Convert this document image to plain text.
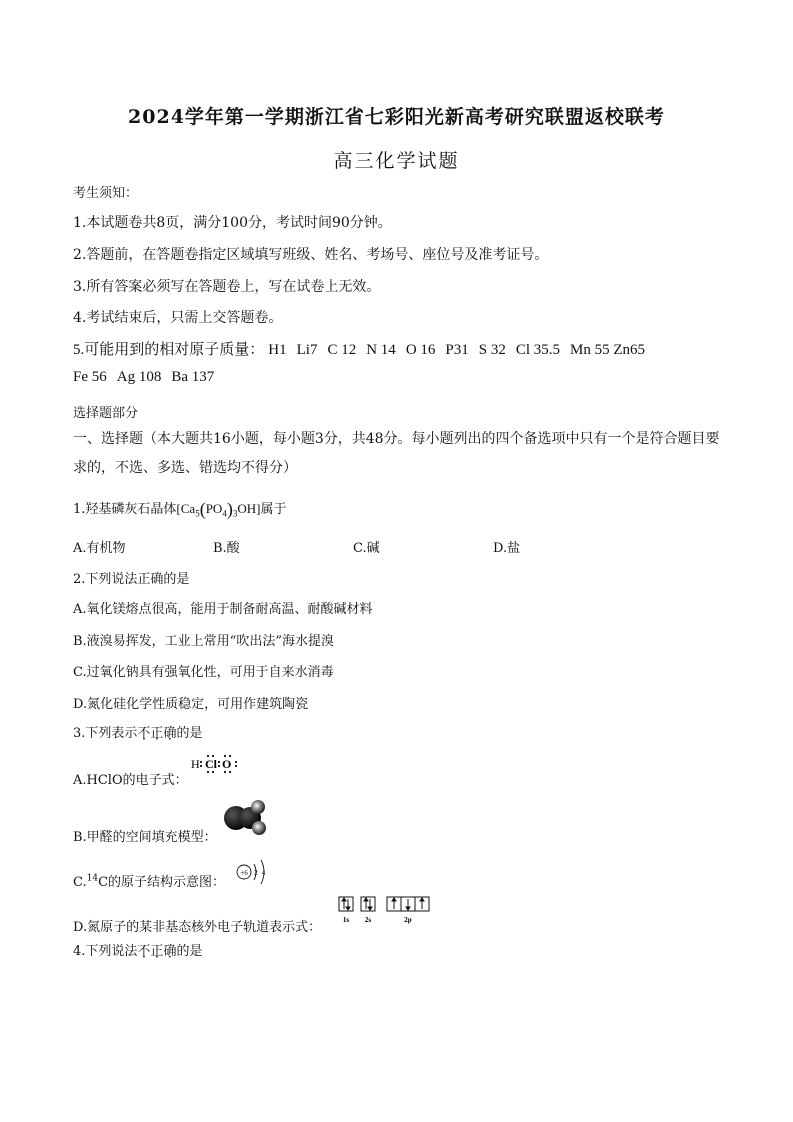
2024学年第一学期浙江省七彩阳光新高考研究联盟返校联考
高三化学试题
考生须知：
1.本试题卷共8页，满分100分，考试时间90分钟。
2.答题前，在答题卷指定区域填写班级、姓名、考场号、座位号及准考证号。
3.所有答案必须写在答题卷上，写在试卷上无效。
4.考试结束后，只需上交答题卷。
5.可能用到的相对原子质量： H1 Li7 C 12 N 14 O 16 P31 S 32 Cl 35.5 Mn 55 Zn65
Fe 56 Ag 108 Ba 137
选择题部分
一、选择题（本大题共16小题，每小题3分，共48分。每小题列出的四个备选项中只有一个是符合题目要求的，不选、多选、错选均不得分）
1.羟基磷灰石晶体$[Ca_5(PO_4)_3OH]$属于
A.有机物	B.酸	C.碱	D.盐
2.下列说法正确的是
A.氧化镁熔点很高，能用于制备耐高温、耐酸碱材料
B.液溴易挥发，工业上常用“吹出法”海水提溴
C.过氧化钠具有强氧化性，可用于自来水消毒
D.氮化硅化学性质稳定，可用作建筑陶瓷
3.下列表示不正确的是
A.HClO的电子式：
H Cl O
B.甲醛的空间填充模型：
C.$^{14}$C的原子结构示意图：
+6 2 4
D.氮原子的某非基态核外电子轨道表示式：	1s 2s	2p
4.下列说法不正确的是
